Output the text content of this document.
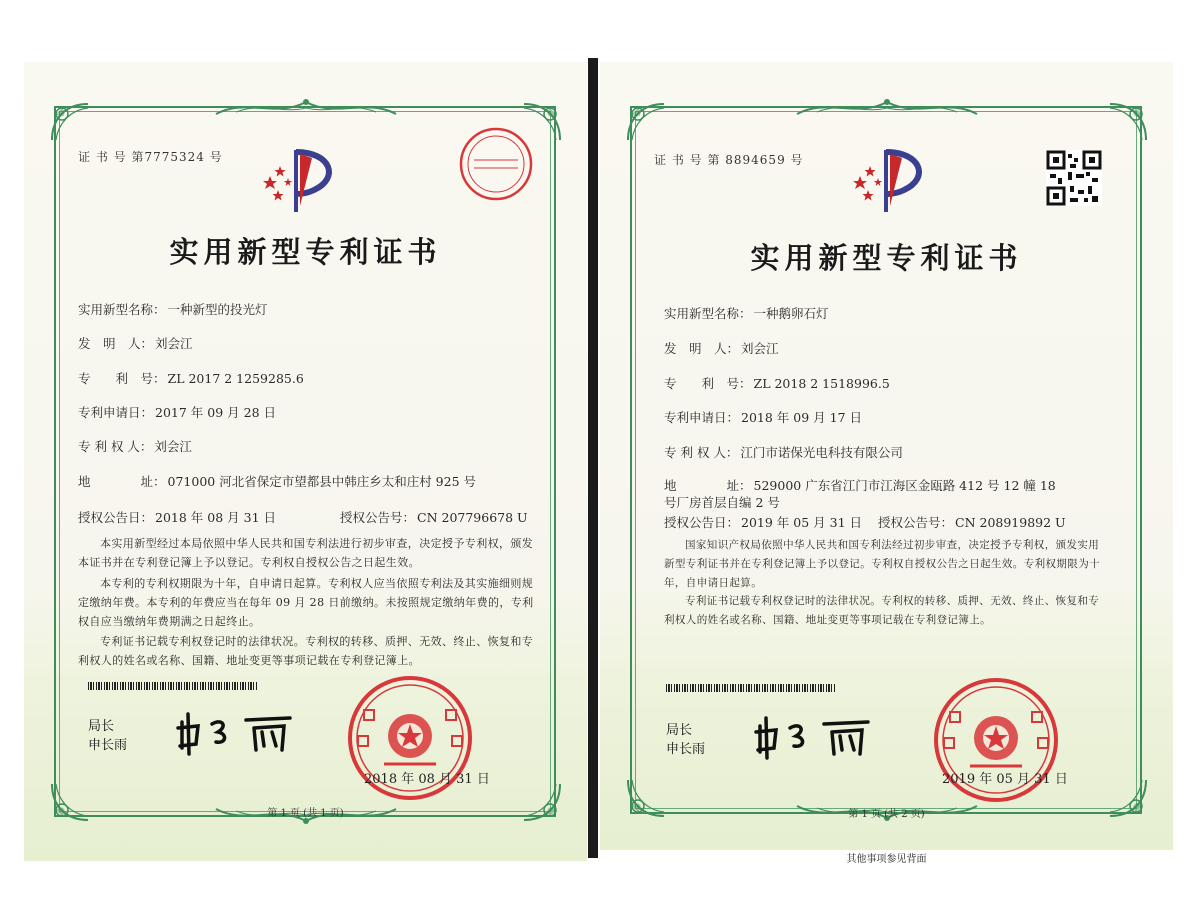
证 书 号 第7775324 号
实用新型专利证书
实用新型名称： 一种新型的投光灯
发　明　人： 刘会江
专　　利　号： ZL 2017 2 1259285.6
专利申请日： 2017 年 09 月 28 日
专 利 权 人： 刘会江
地　　　　址： 071000 河北省保定市望都县中韩庄乡太和庄村 925 号
授权公告日： 2018 年 08 月 31 日	授权公告号： CN 207796678 U

本实用新型经过本局依照中华人民共和国专利法进行初步审查，决定授予专利权，颁发本证书并在专利登记簿上予以登记。专利权自授权公告之日起生效。

本专利的专利权期限为十年，自申请日起算。专利权人应当依照专利法及其实施细则规定缴纳年费。本专利的年费应当在每年 09 月 28 日前缴纳。未按照规定缴纳年费的，专利权自应当缴纳年费期满之日起终止。

专利证书记载专利权登记时的法律状况。专利权的转移、质押、无效、终止、恢复和专利权人的姓名或名称、国籍、地址变更等事项记载在专利登记簿上。

局长
申长雨
2018 年 08 月 31 日
第 1 页 (共 1 页)
证 书 号 第 8894659 号
实用新型专利证书
实用新型名称： 一种鹅卵石灯
发　明　人： 刘会江
专　　利　号： ZL 2018 2 1518996.5
专利申请日： 2018 年 09 月 17 日
专 利 权 人： 江门市诺保光电科技有限公司
地　　　　址： 529000 广东省江门市江海区金瓯路 412 号 12 幢 18 号厂房首层自编 2 号
授权公告日： 2019 年 05 月 31 日 授权公告号： CN 208919892 U

国家知识产权局依照中华人民共和国专利法经过初步审查，决定授予专利权，颁发实用新型专利证书并在专利登记簿上予以登记。专利权自授权公告之日起生效。专利权期限为十年，自申请日起算。

专利证书记载专利权登记时的法律状况。专利权的转移、质押、无效、终止、恢复和专利权人的姓名或名称、国籍、地址变更等事项记载在专利登记簿上。

局长
申长雨
2019 年 05 月 31 日
第 1 页 (共 2 页)
其他事项参见背面
